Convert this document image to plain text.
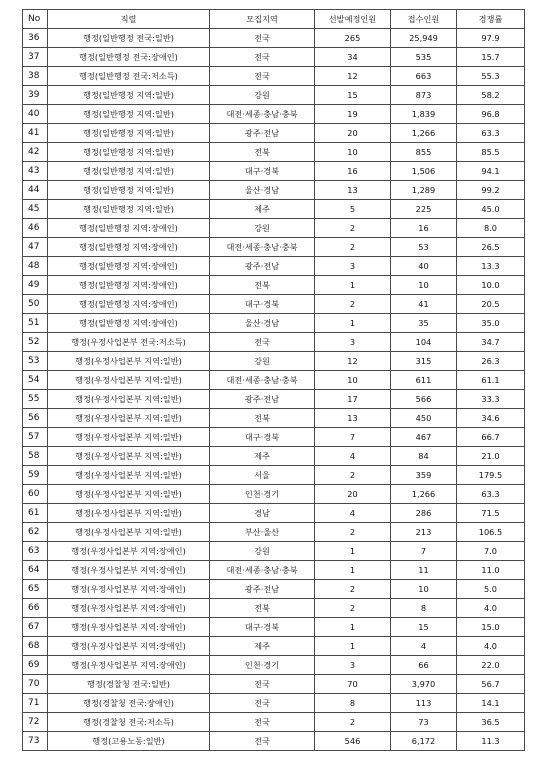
No	직렬	모집지역	선발예정인원	접수인원	경쟁률
36	행정(일반행정 전국:일반)	전국	265	25,949	97.9
37	행정(일반행정 전국:장애인)	전국	34	535	15.7
38	행정(일반행정 전국:저소득)	전국	12	663	55.3
39	행정(일반행정 지역:일반)	강원	15	873	58.2
40	행정(일반행정 지역:일반)	대전·세종·충남·충북	19	1,839	96.8
41	행정(일반행정 지역:일반)	광주·전남	20	1,266	63.3
42	행정(일반행정 지역:일반)	전북	10	855	85.5
43	행정(일반행정 지역:일반)	대구·경북	16	1,506	94.1
44	행정(일반행정 지역:일반)	울산·경남	13	1,289	99.2
45	행정(일반행정 지역:일반)	제주	5	225	45.0
46	행정(일반행정 지역:장애인)	강원	2	16	8.0
47	행정(일반행정 지역:장애인)	대전·세종·충남·충북	2	53	26.5
48	행정(일반행정 지역:장애인)	광주·전남	3	40	13.3
49	행정(일반행정 지역:장애인)	전북	1	10	10.0
50	행정(일반행정 지역:장애인)	대구·경북	2	41	20.5
51	행정(일반행정 지역:장애인)	울산·경남	1	35	35.0
52	행정(우정사업본부 전국:저소득)	전국	3	104	34.7
53	행정(우정사업본부 지역:일반)	강원	12	315	26.3
54	행정(우정사업본부 지역:일반)	대전·세종·충남·충북	10	611	61.1
55	행정(우정사업본부 지역:일반)	광주·전남	17	566	33.3
56	행정(우정사업본부 지역:일반)	전북	13	450	34.6
57	행정(우정사업본부 지역:일반)	대구·경북	7	467	66.7
58	행정(우정사업본부 지역:일반)	제주	4	84	21.0
59	행정(우정사업본부 지역:일반)	서울	2	359	179.5
60	행정(우정사업본부 지역:일반)	인천·경기	20	1,266	63.3
61	행정(우정사업본부 지역:일반)	경남	4	286	71.5
62	행정(우정사업본부 지역:일반)	부산·울산	2	213	106.5
63	행정(우정사업본부 지역:장애인)	강원	1	7	7.0
64	행정(우정사업본부 지역:장애인)	대전·세종·충남·충북	1	11	11.0
65	행정(우정사업본부 지역:장애인)	광주·전남	2	10	5.0
66	행정(우정사업본부 지역:장애인)	전북	2	8	4.0
67	행정(우정사업본부 지역:장애인)	대구·경북	1	15	15.0
68	행정(우정사업본부 지역:장애인)	제주	1	4	4.0
69	행정(우정사업본부 지역:장애인)	인천·경기	3	66	22.0
70	행정(경찰청 전국:일반)	전국	70	3,970	56.7
71	행정(경찰청 전국:장애인)	전국	8	113	14.1
72	행정(경찰청 전국:저소득)	전국	2	73	36.5
73	행정(고용노동:일반)	전국	546	6,172	11.3
